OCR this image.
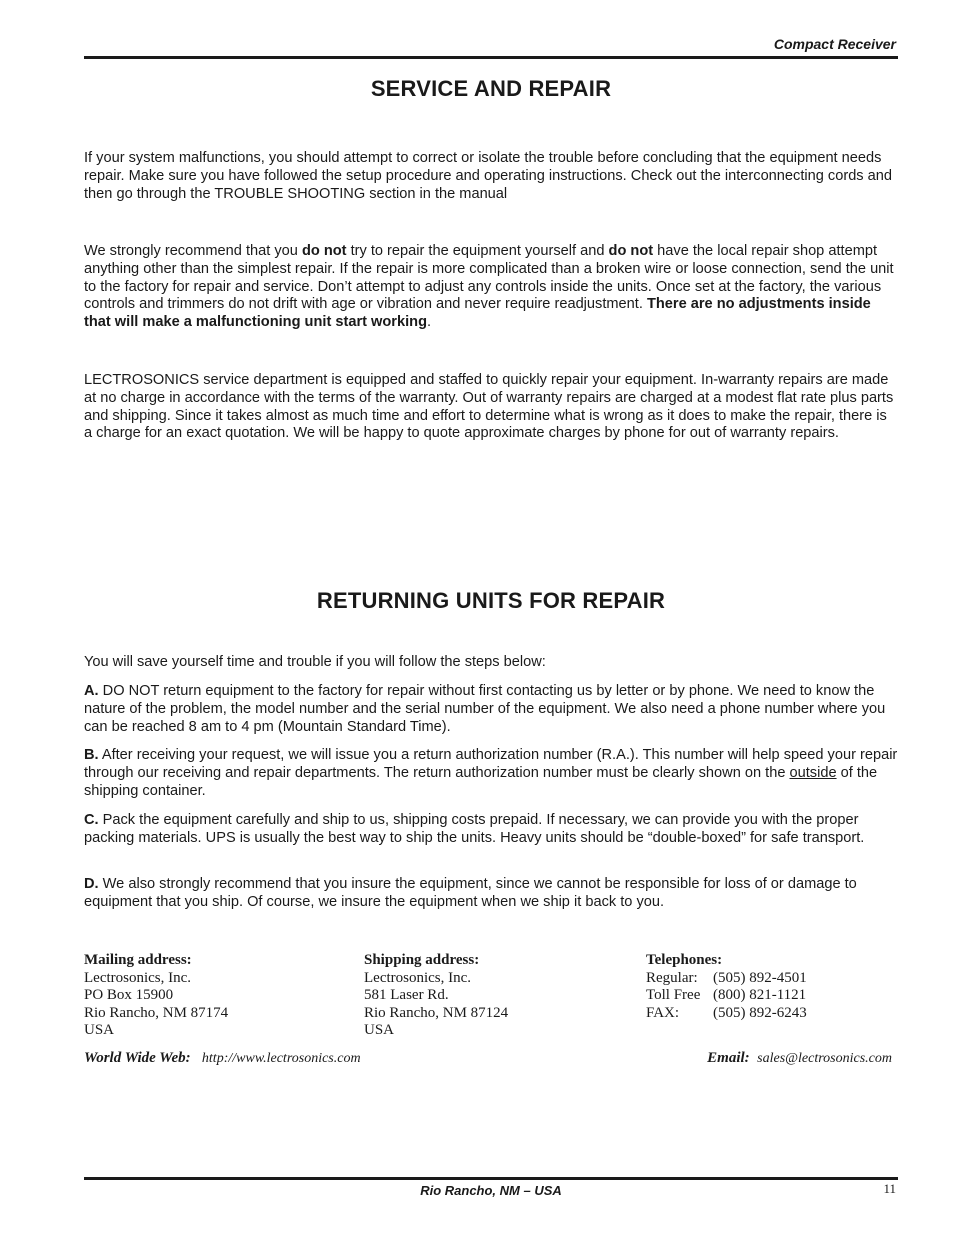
Compact Receiver
SERVICE AND REPAIR

If your system malfunctions, you should attempt to correct or isolate the trouble before concluding that the equipment needs repair. Make sure you have followed the setup procedure and operating instructions. Check out the interconnecting cords and then go through the TROUBLE SHOOTING section in the manual

We strongly recommend that you do not try to repair the equipment yourself and do not have the local repair shop attempt anything other than the simplest repair. If the repair is more complicated than a broken wire or loose connection, send the unit to the factory for repair and service. Don’t attempt to adjust any controls inside the units. Once set at the factory, the various controls and trimmers do not drift with age or vibration and never require readjustment. There are no adjustments inside that will make a malfunctioning unit start working.

LECTROSONICS service department is equipped and staffed to quickly repair your equipment. In-warranty repairs are made at no charge in accordance with the terms of the warranty. Out of warranty repairs are charged at a modest flat rate plus parts and shipping. Since it takes almost as much time and effort to determine what is wrong as it does to make the repair, there is a charge for an exact quotation. We will be happy to quote approximate charges by phone for out of warranty repairs.

RETURNING UNITS FOR REPAIR

You will save yourself time and trouble if you will follow the steps below:

A. DO NOT return equipment to the factory for repair without first contacting us by letter or by phone. We need to know the nature of the problem, the model number and the serial number of the equipment. We also need a phone number where you can be reached 8 am to 4 pm (Mountain Standard Time).

B. After receiving your request, we will issue you a return authorization number (R.A.). This number will help speed your repair through our receiving and repair departments. The return authorization number must be clearly shown on the outside of the shipping container.

C. Pack the equipment carefully and ship to us, shipping costs prepaid. If necessary, we can provide you with the proper packing materials. UPS is usually the best way to ship the units. Heavy units should be “double-boxed” for safe transport.

D. We also strongly recommend that you insure the equipment, since we cannot be responsible for loss of or damage to equipment that you ship. Of course, we insure the equipment when we ship it back to you.

Mailing address:
Lectrosonics, Inc.
PO Box 15900
Rio Rancho, NM 87174
USA
Shipping address:
Lectrosonics, Inc.
581 Laser Rd.
Rio Rancho, NM 87124
USA
Telephones:
Regular: (505) 892-4501
Toll Free (800) 821-1121
FAX: (505) 892-6243
World Wide Web: http://www.lectrosonics.com	Email: sales@lectrosonics.com
Rio Rancho, NM – USA	11
